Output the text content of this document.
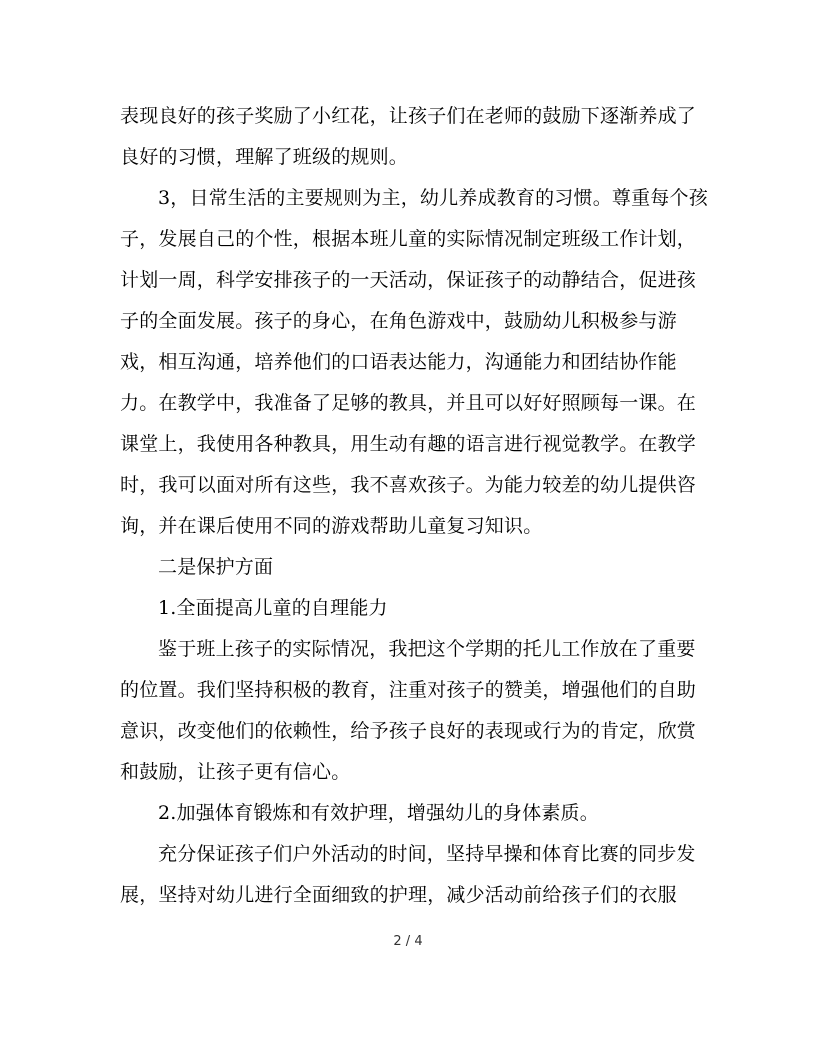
表现良好的孩子奖励了小红花，让孩子们在老师的鼓励下逐渐养成了
良好的习惯，理解了班级的规则。
3，日常生活的主要规则为主，幼儿养成教育的习惯。尊重每个孩
子，发展自己的个性，根据本班儿童的实际情况制定班级工作计划，
计划一周，科学安排孩子的一天活动，保证孩子的动静结合，促进孩
子的全面发展。孩子的身心，在角色游戏中，鼓励幼儿积极参与游
戏，相互沟通，培养他们的口语表达能力，沟通能力和团结协作能
力。在教学中，我准备了足够的教具，并且可以好好照顾每一课。在
课堂上，我使用各种教具，用生动有趣的语言进行视觉教学。在教学
时，我可以面对所有这些，我不喜欢孩子。为能力较差的幼儿提供咨
询，并在课后使用不同的游戏帮助儿童复习知识。
二是保护方面
1.全面提高儿童的自理能力
鉴于班上孩子的实际情况，我把这个学期的托儿工作放在了重要
的位置。我们坚持积极的教育，注重对孩子的赞美，增强他们的自助
意识，改变他们的依赖性，给予孩子良好的表现或行为的肯定，欣赏
和鼓励，让孩子更有信心。
2.加强体育锻炼和有效护理，增强幼儿的身体素质。
充分保证孩子们户外活动的时间，坚持早操和体育比赛的同步发
展，坚持对幼儿进行全面细致的护理，减少活动前给孩子们的衣服
2 / 4
